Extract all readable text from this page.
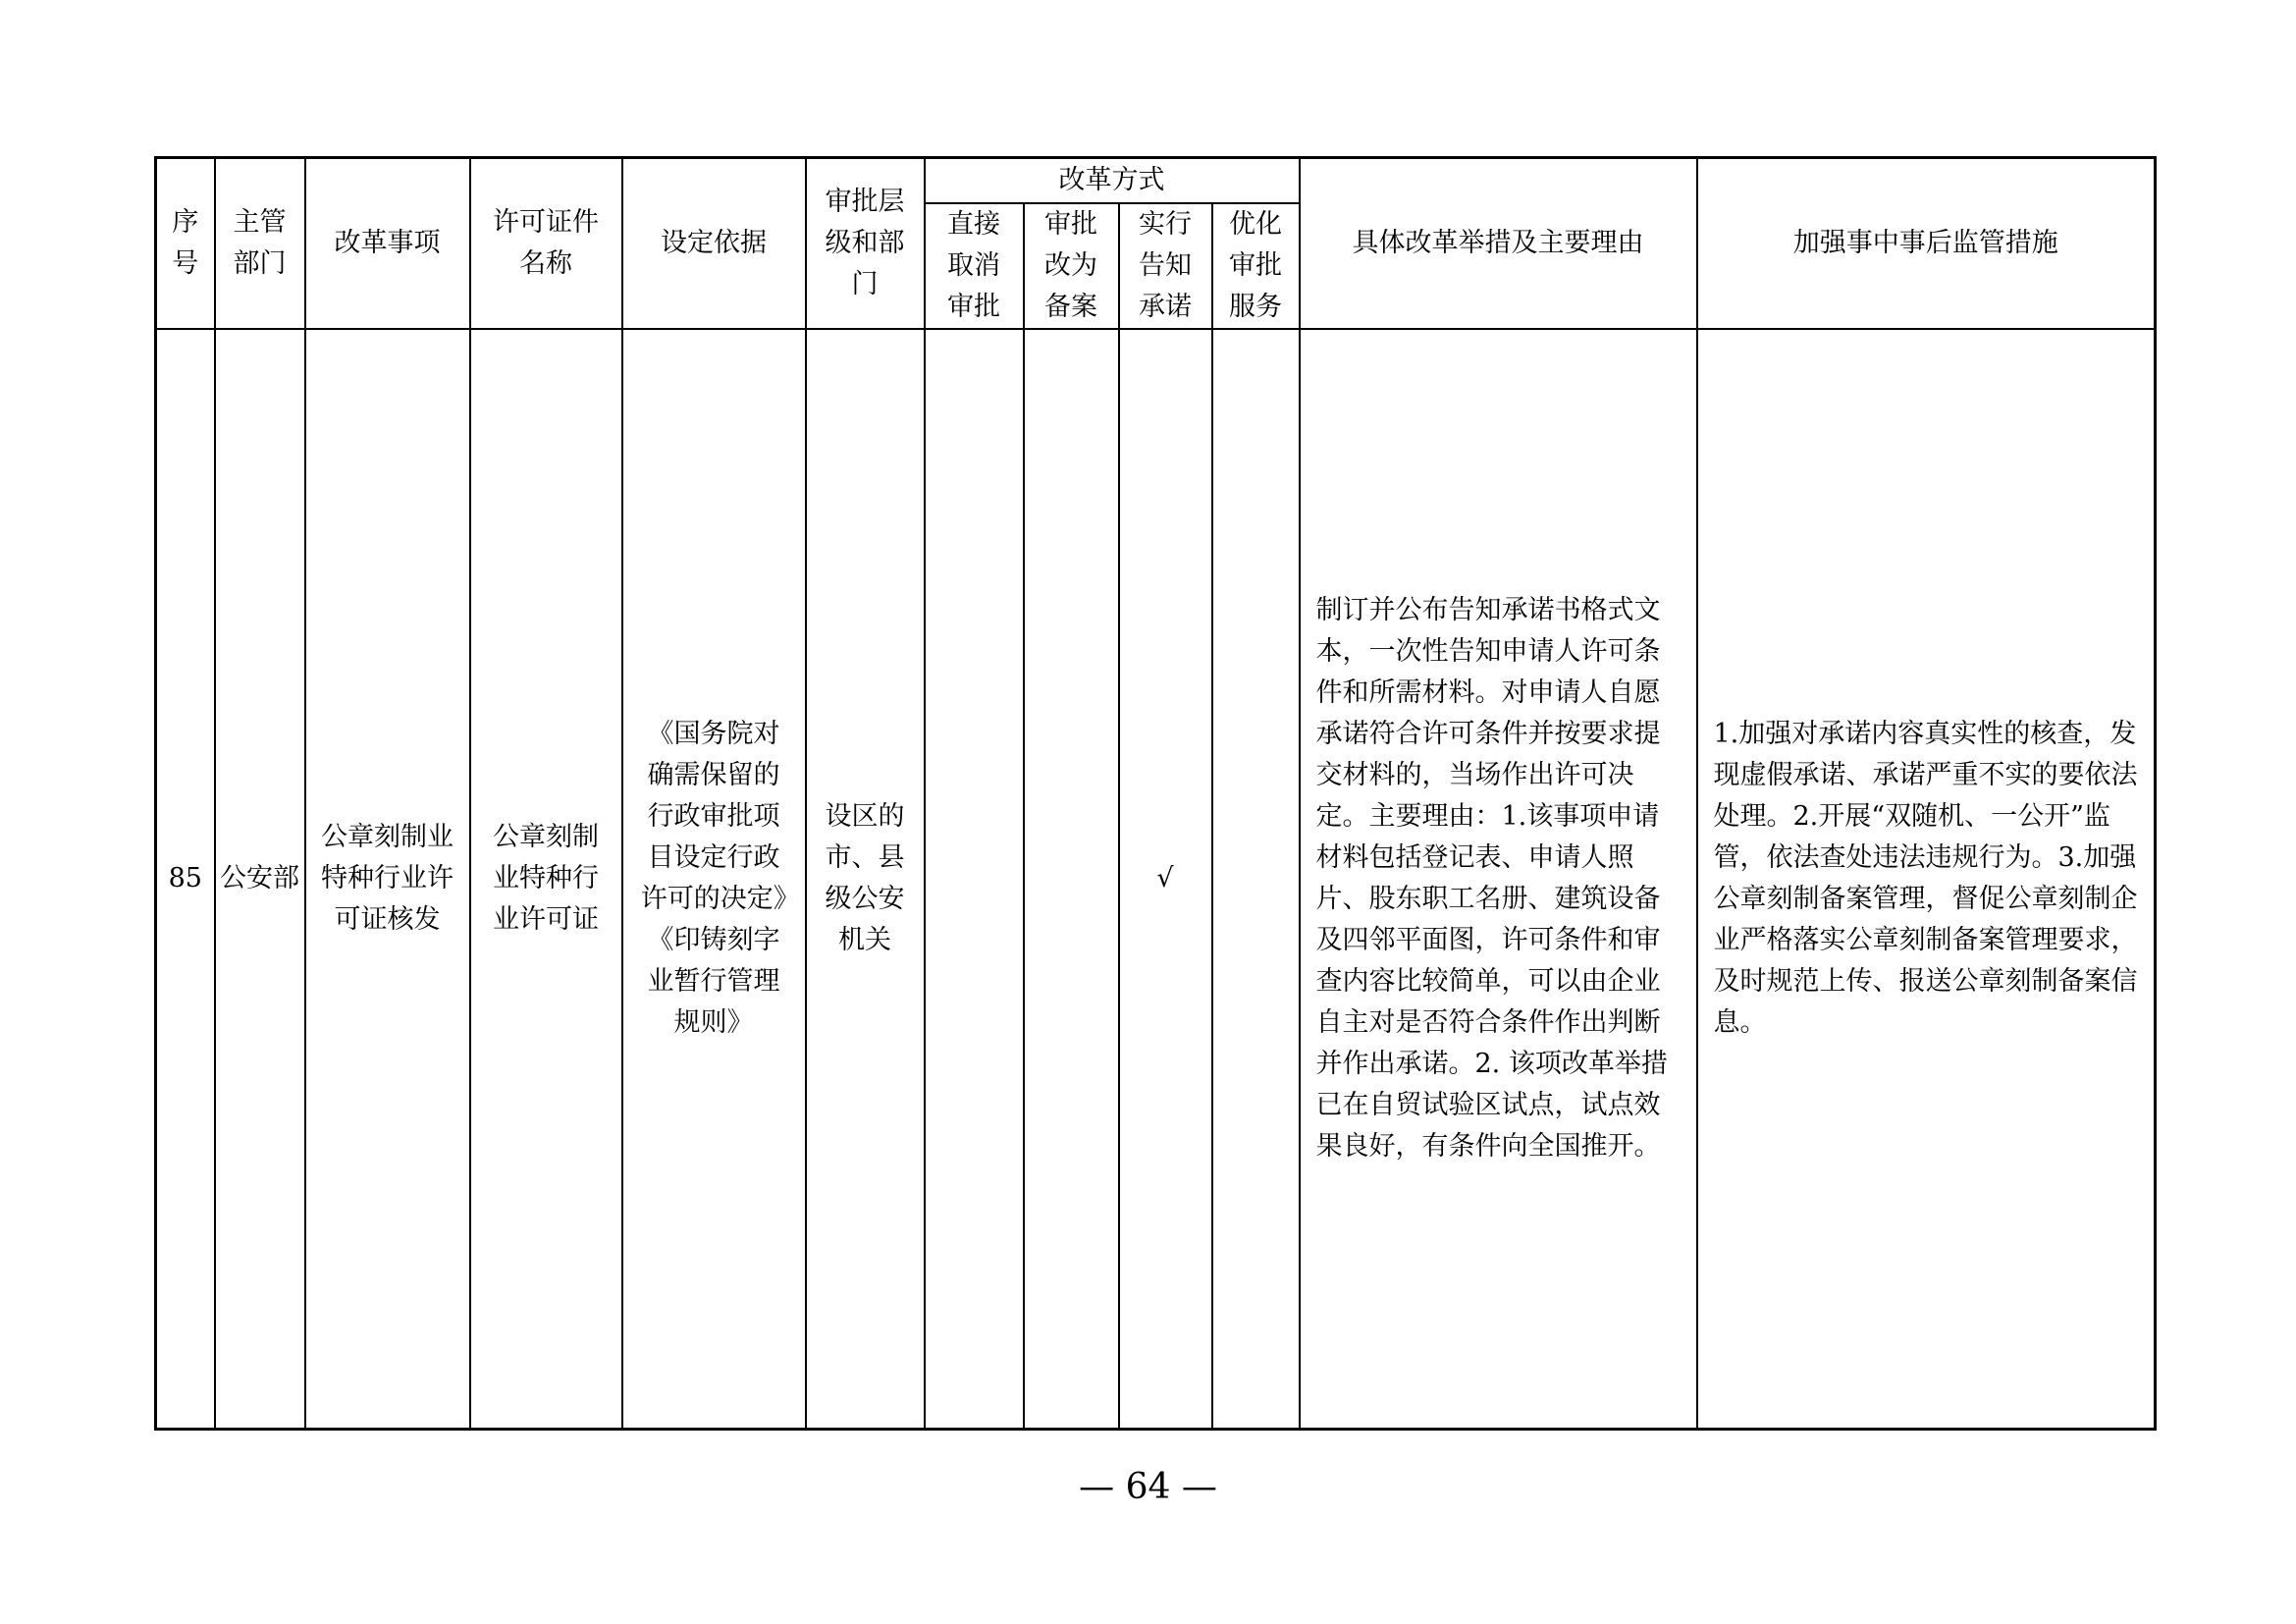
序号	主管部门	改革事项	许可证件名称	设定依据	审批层级和部门	改革方式				具体改革举措及主要理由	加强事中事后监管措施

						直接取消审批	审批改为备案	实行告知承诺	优化审批服务		

85	公安部	公章刻制业特种行业许可证核发	公章刻制业特种行业许可证	《国务院对确需保留的行政审批项目设定行政许可的决定》《印铸刻字业暂行管理规则》	设区的市、县级公安机关			√		制订并公布告知承诺书格式文本，一次性告知申请人许可条件和所需材料。对申请人自愿承诺符合许可条件并按要求提交材料的，当场作出许可决定。主要理由：1.该事项申请材料包括登记表、申请人照片、股东职工名册、建筑设备及四邻平面图，许可条件和审查内容比较简单，可以由企业自主对是否符合条件作出判断并作出承诺。2. 该项改革举措已在自贸试验区试点，试点效果良好，有条件向全国推开。	1.加强对承诺内容真实性的核查，发现虚假承诺、承诺严重不实的要依法处理。2.开展“双随机、一公开”监管，依法查处违法违规行为。3.加强公章刻制备案管理，督促公章刻制企业严格落实公章刻制备案管理要求，及时规范上传、报送公章刻制备案信息。
— 64 —
